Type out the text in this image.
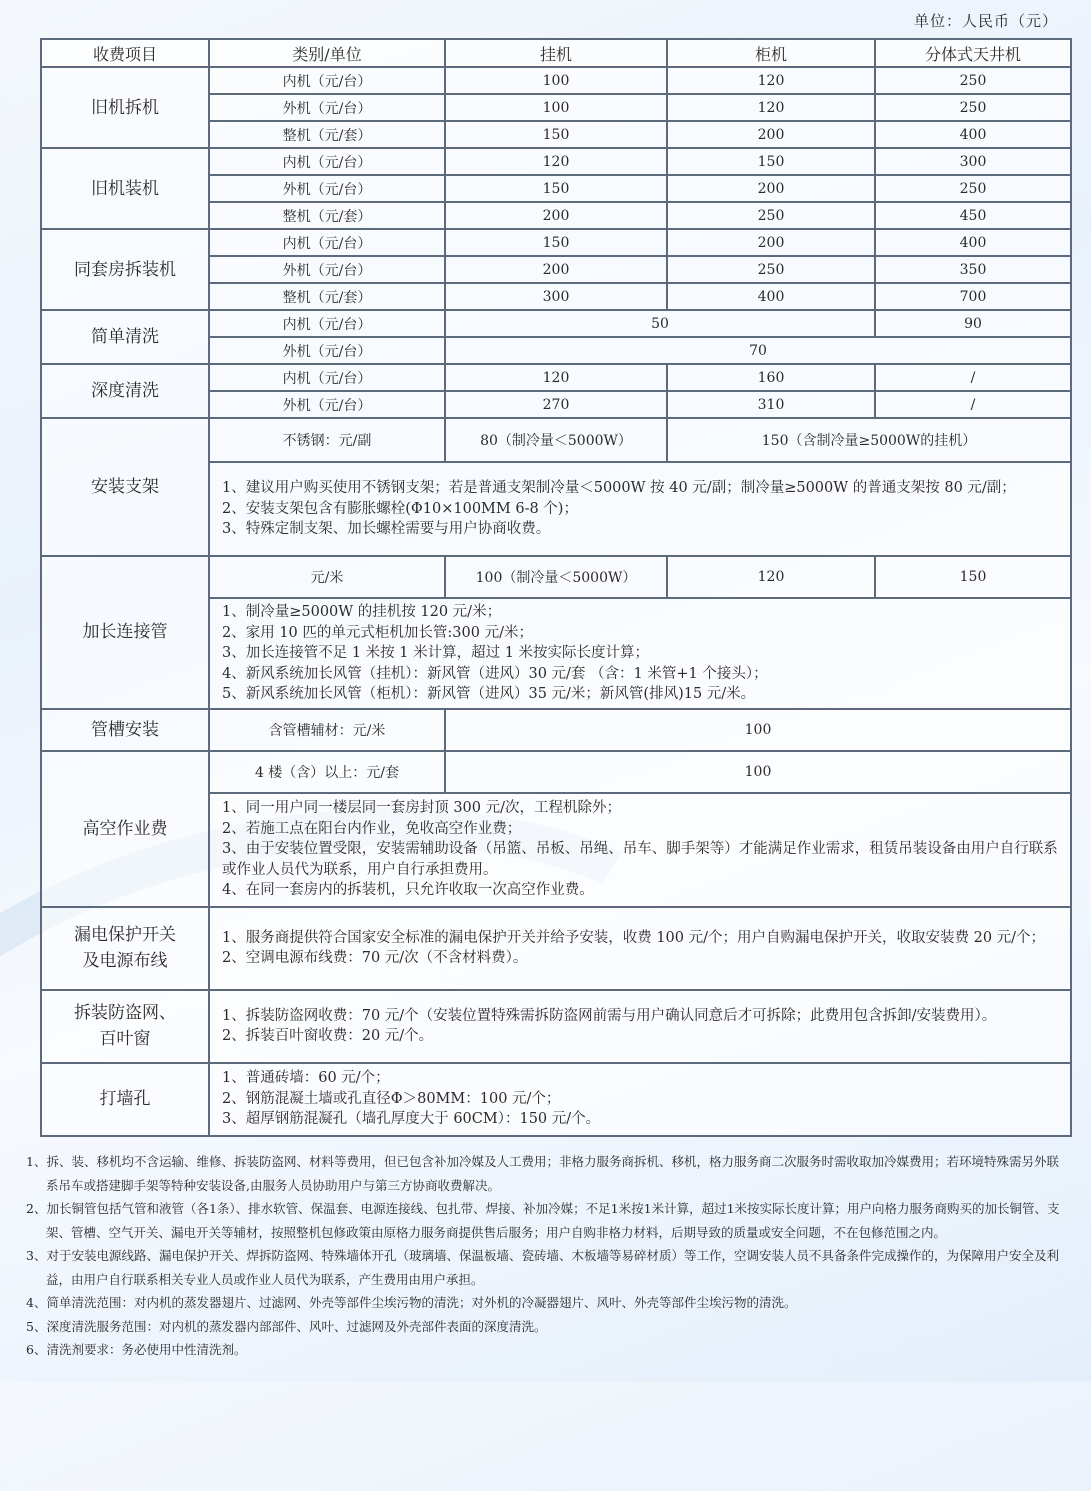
单位：人民币（元）
收费项目	类别/单位	挂机	柜机	分体式天井机
旧机拆机	内机（元/台）	100	120	250
	外机（元/台）	100	120	250
	整机（元/套）	150	200	400
旧机装机	内机（元/台）	120	150	300
	外机（元/台）	150	200	250
	整机（元/套）	200	250	450
同套房拆装机	内机（元/台）	150	200	400
	外机（元/台）	200	250	350
	整机（元/套）	300	400	700
简单清洗	内机（元/台）	50		90
	外机（元/台）	70		
深度清洗	内机（元/台）	120	160	/
	外机（元/台）	270	310	/
安装支架	不锈钢：元/副	80（制冷量＜5000W）	150（含制冷量≥5000W的挂机）	

	1、建议用户购买使用不锈钢支架；若是普通支架制冷量＜5000W 按 40 元/副；制冷量≥5000W 的普通支架按 80 元/副；
2、安装支架包含有膨胀螺栓(Φ10×100MM 6-8 个)；
3、特殊定制支架、加长螺栓需要与用户协商收费。			

加长连接管	元/米	100（制冷量＜5000W）	120	150

	1、制冷量≥5000W 的挂机按 120 元/米；
2、家用 10 匹的单元式柜机加长管:300 元/米；
3、加长连接管不足 1 米按 1 米计算，超过 1 米按实际长度计算；
4、新风系统加长风管（挂机）：新风管（进风）30 元/套 （含：1 米管+1 个接头）；
5、新风系统加长风管（柜机）：新风管（进风）35 元/米；新风管(排风)15 元/米。			

管槽安装	含管槽辅材：元/米	100		
高空作业费	4 楼（含）以上：元/套	100		

	1、同一用户同一楼层同一套房封顶 300 元/次，工程机除外；
2、若施工点在阳台内作业，免收高空作业费；
3、由于安装位置受限，安装需辅助设备（吊篮、吊板、吊绳、吊车、脚手架等）才能满足作业需求，租赁吊装设备由用户自行联系或作业人员代为联系，用户自行承担费用。
4、在同一套房内的拆装机，只允许收取一次高空作业费。			

漏电保护开关
及电源布线	1、服务商提供符合国家安全标准的漏电保护开关并给予安装，收费 100 元/个；用户自购漏电保护开关，收取安装费 20 元/个；
2、空调电源布线费：70 元/次（不含材料费）。			

拆装防盗网、
百叶窗	1、拆装防盗网收费：70 元/个（安装位置特殊需拆防盗网前需与用户确认同意后才可拆除；此费用包含拆卸/安装费用）。
2、拆装百叶窗收费：20 元/个。			

打墙孔	1、普通砖墙：60 元/个；
2、钢筋混凝土墙或孔直径Φ＞80MM：100 元/个；
3、超厚钢筋混凝孔（墙孔厚度大于 60CM）：150 元/个。			
1、拆、装、移机均不含运输、维修、拆装防盗网、材料等费用，但已包含补加冷媒及人工费用；非格力服务商拆机、移机，格力服务商二次服务时需收取加冷媒费用；若环境特殊需另外联系吊车或搭建脚手架等特种安装设备,由服务人员协助用户与第三方协商收费解决。
2、加长铜管包括气管和液管（各1条）、排水软管、保温套、电源连接线、包扎带、焊接、补加冷媒；不足1米按1米计算，超过1米按实际长度计算；用户向格力服务商购买的加长铜管、支架、管槽、空气开关、漏电开关等辅材，按照整机包修政策由原格力服务商提供售后服务；用户自购非格力材料，后期导致的质量或安全问题，不在包修范围之内。
3、对于安装电源线路、漏电保护开关、焊拆防盗网、特殊墙体开孔（玻璃墙、保温板墙、瓷砖墙、木板墙等易碎材质）等工作，空调安装人员不具备条件完成操作的，为保障用户安全及利益，由用户自行联系相关专业人员或作业人员代为联系，产生费用由用户承担。
4、简单清洗范围：对内机的蒸发器翅片、过滤网、外壳等部件尘埃污物的清洗；对外机的冷凝器翅片、风叶、外壳等部件尘埃污物的清洗。
5、深度清洗服务范围：对内机的蒸发器内部部件、风叶、过滤网及外壳部件表面的深度清洗。
6、清洗剂要求：务必使用中性清洗剂。
